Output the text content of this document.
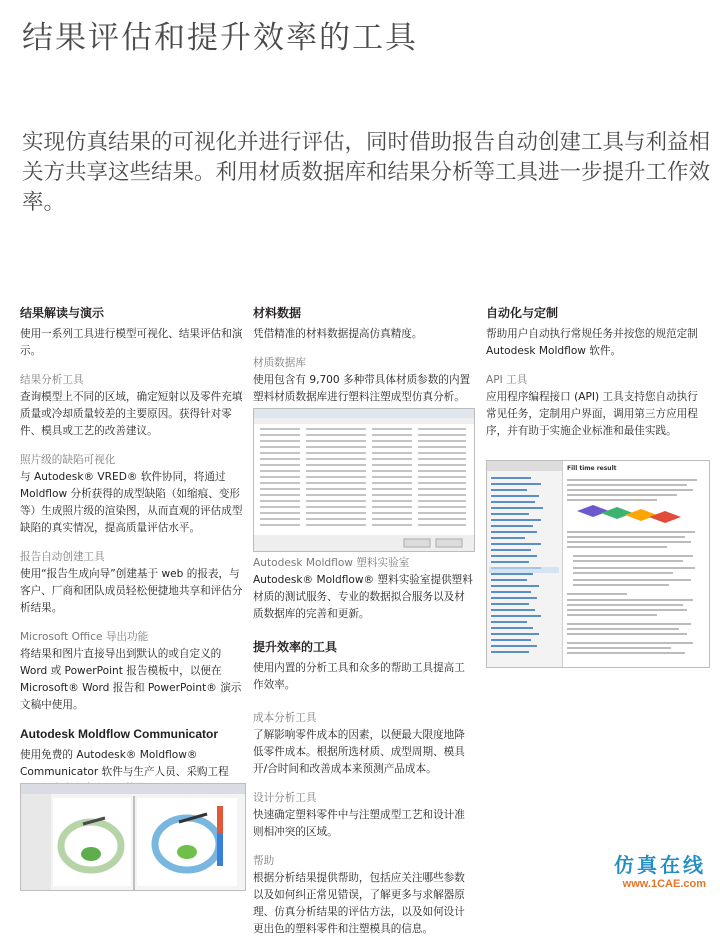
结果评估和提升效率的工具
实现仿真结果的可视化并进行评估，同时借助报告自动创建工具与利益相关方共享这些结果。利用材质数据库和结果分析等工具进一步提升工作效率。
结果解读与演示

使用一系列工具进行模型可视化、结果评估和演示。

结果分析工具

查询模型上不同的区域，确定短射以及零件充填质量或冷却质量较差的主要原因。获得针对零件、模具或工艺的改善建议。

照片级的缺陷可视化

与 Autodesk® VRED® 软件协同，将通过 Moldflow 分析获得的成型缺陷（如缩痕、变形等）生成照片级的渲染图，从而直观的评估成型缺陷的真实情况，提高质量评估水平。

报告自动创建工具

使用“报告生成向导”创建基于 web 的报表，与客户、厂商和团队成员轻松便捷地共享和评估分析结果。

Microsoft Office 导出功能

将结果和图片直接导出到默认的或自定义的 Word 或 PowerPoint 报告模板中，以便在 Microsoft® Word 报告和 PowerPoint® 演示文稿中使用。

Autodesk Moldflow Communicator

使用免费的 Autodesk® Moldflow® Communicator 软件与生产人员、采购工程

材料数据

凭借精准的材料数据提高仿真精度。

材质数据库

使用包含有 9,700 多种带具体材质参数的内置塑料材质数据库进行塑料注塑成型仿真分析。

Autodesk Moldflow 塑料实验室

Autodesk® Moldflow® 塑料实验室提供塑料材质的测试服务、专业的数据拟合服务以及材质数据库的完善和更新。

提升效率的工具

使用内置的分析工具和众多的帮助工具提高工作效率。

成本分析工具

了解影响零件成本的因素，以便最大限度地降低零件成本。根据所选材质、成型周期、模具开/合时间和改善成本来预测产品成本。

设计分析工具

快速确定塑料零件中与注塑成型工艺和设计准则相冲突的区域。

帮助

根据分析结果提供帮助，包括应关注哪些参数以及如何纠正常见错误，了解更多与求解器原理、仿真分析结果的评估方法，以及如何设计更出色的塑料零件和注塑模具的信息。

自动化与定制

帮助用户自动执行常规任务并按您的规范定制 Autodesk Moldflow 软件。

API 工具

应用程序编程接口 (API) 工具支持您自动执行常见任务，定制用户界面，调用第三方应用程序，并有助于实施企业标准和最佳实践。

Fill time result
仿真在线
www.1CAE.com
